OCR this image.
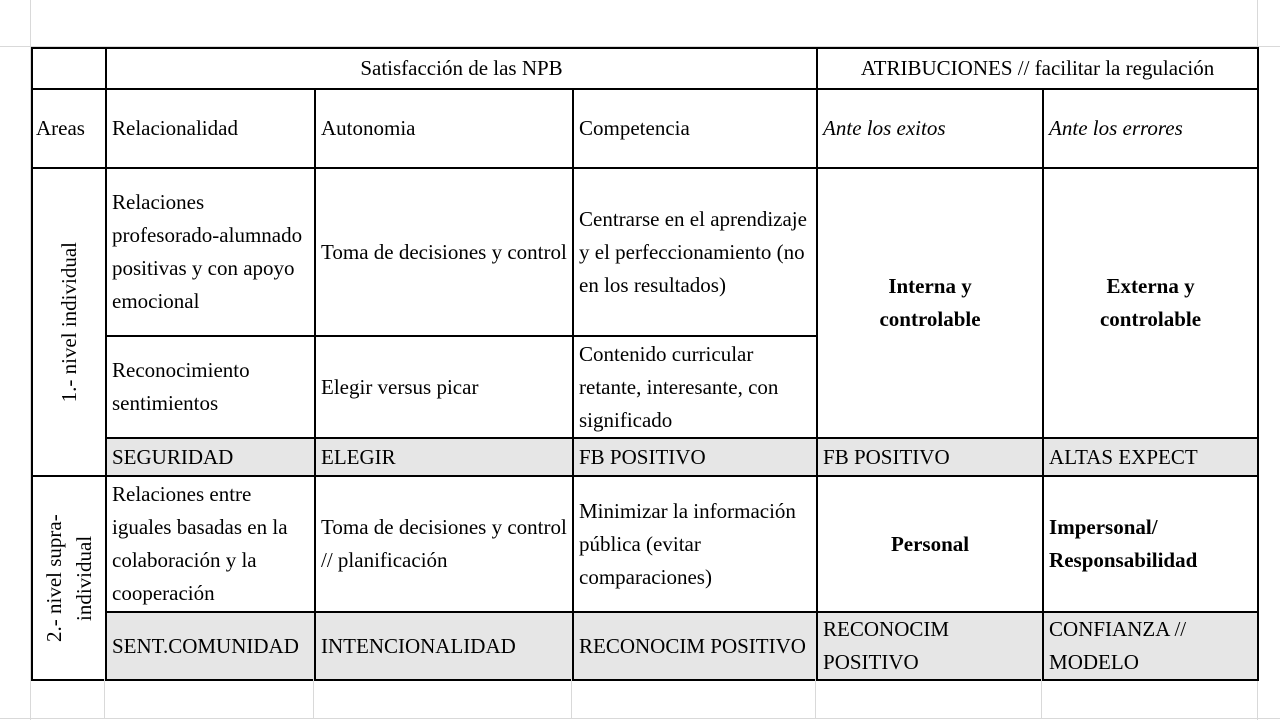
	Satisfacción de las NPB			ATRIBUCIONES // facilitar la regulación	
Areas	Relacionalidad	Autonomia	Competencia	Ante los exitos	Ante los errores

1.- nivel individual	Relaciones profesorado-alumnado positivas y con apoyo emocional	Toma de decisiones y control	Centrarse en el aprendizaje y el perfeccionamiento (no en los resultados)	Interna y controlable	Externa y controlable
	Reconocimiento sentimientos	Elegir versus picar	Contenido curricular retante, interesante, con significado		
	SEGURIDAD	ELEGIR	FB POSITIVO	FB POSITIVO	ALTAS EXPECT

2.- nivel supra-individual	Relaciones entre iguales basadas en la colaboración y la cooperación	Toma de decisiones y control // planificación	Minimizar la información pública (evitar comparaciones)	Personal	Impersonal/ Responsabilidad
	SENT.COMUNIDAD	INTENCIONALIDAD	RECONOCIM POSITIVO	RECONOCIM POSITIVO	CONFIANZA // MODELO
